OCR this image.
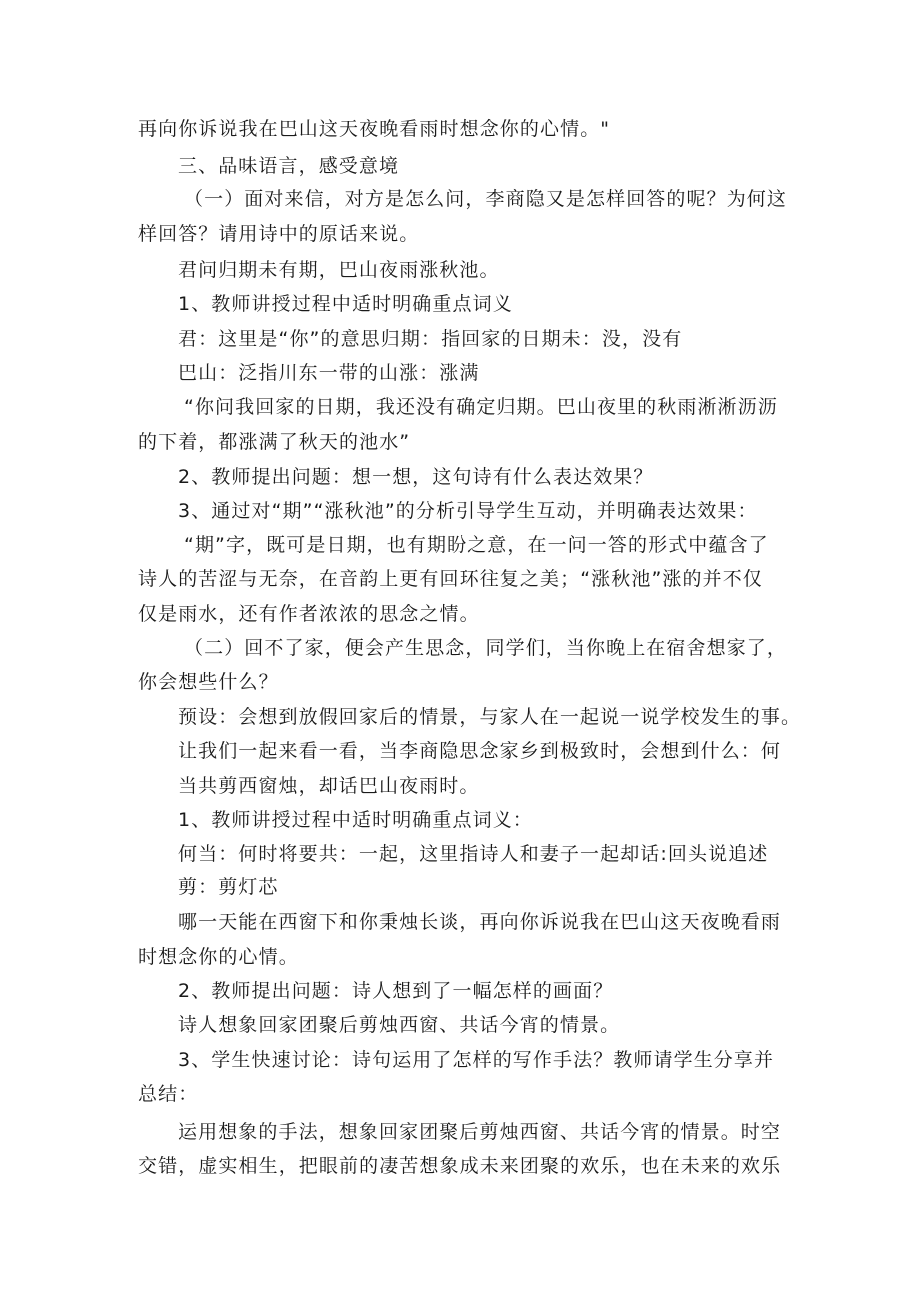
再向你诉说我在巴山这天夜晚看雨时想念你的心情。"
三、品味语言，感受意境
（一）面对来信，对方是怎么问，李商隐又是怎样回答的呢？为何这
样回答？请用诗中的原话来说。
君问归期未有期，巴山夜雨涨秋池。
1、教师讲授过程中适时明确重点词义
君：这里是“你”的意思归期：指回家的日期未：没，没有
巴山：泛指川东一带的山涨：涨满
“你问我回家的日期，我还没有确定归期。巴山夜里的秋雨淅淅沥沥
的下着，都涨满了秋天的池水”
2、教师提出问题：想一想，这句诗有什么表达效果？
3、通过对“期”“涨秋池”的分析引导学生互动，并明确表达效果：
“期”字，既可是日期，也有期盼之意，在一问一答的形式中蕴含了
诗人的苦涩与无奈，在音韵上更有回环往复之美；“涨秋池”涨的并不仅
仅是雨水，还有作者浓浓的思念之情。
（二）回不了家，便会产生思念，同学们，当你晚上在宿舍想家了，
你会想些什么？
预设：会想到放假回家后的情景，与家人在一起说一说学校发生的事。
让我们一起来看一看，当李商隐思念家乡到极致时，会想到什么：何
当共剪西窗烛，却话巴山夜雨时。
1、教师讲授过程中适时明确重点词义：
何当：何时将要共：一起，这里指诗人和妻子一起却话:回头说追述
剪：剪灯芯
哪一天能在西窗下和你秉烛长谈，再向你诉说我在巴山这天夜晚看雨
时想念你的心情。
2、教师提出问题：诗人想到了一幅怎样的画面？
诗人想象回家团聚后剪烛西窗、共话今宵的情景。
3、学生快速讨论：诗句运用了怎样的写作手法？教师请学生分享并
总结：
运用想象的手法，想象回家团聚后剪烛西窗、共话今宵的情景。时空
交错，虚实相生，把眼前的凄苦想象成未来团聚的欢乐，也在未来的欢乐
